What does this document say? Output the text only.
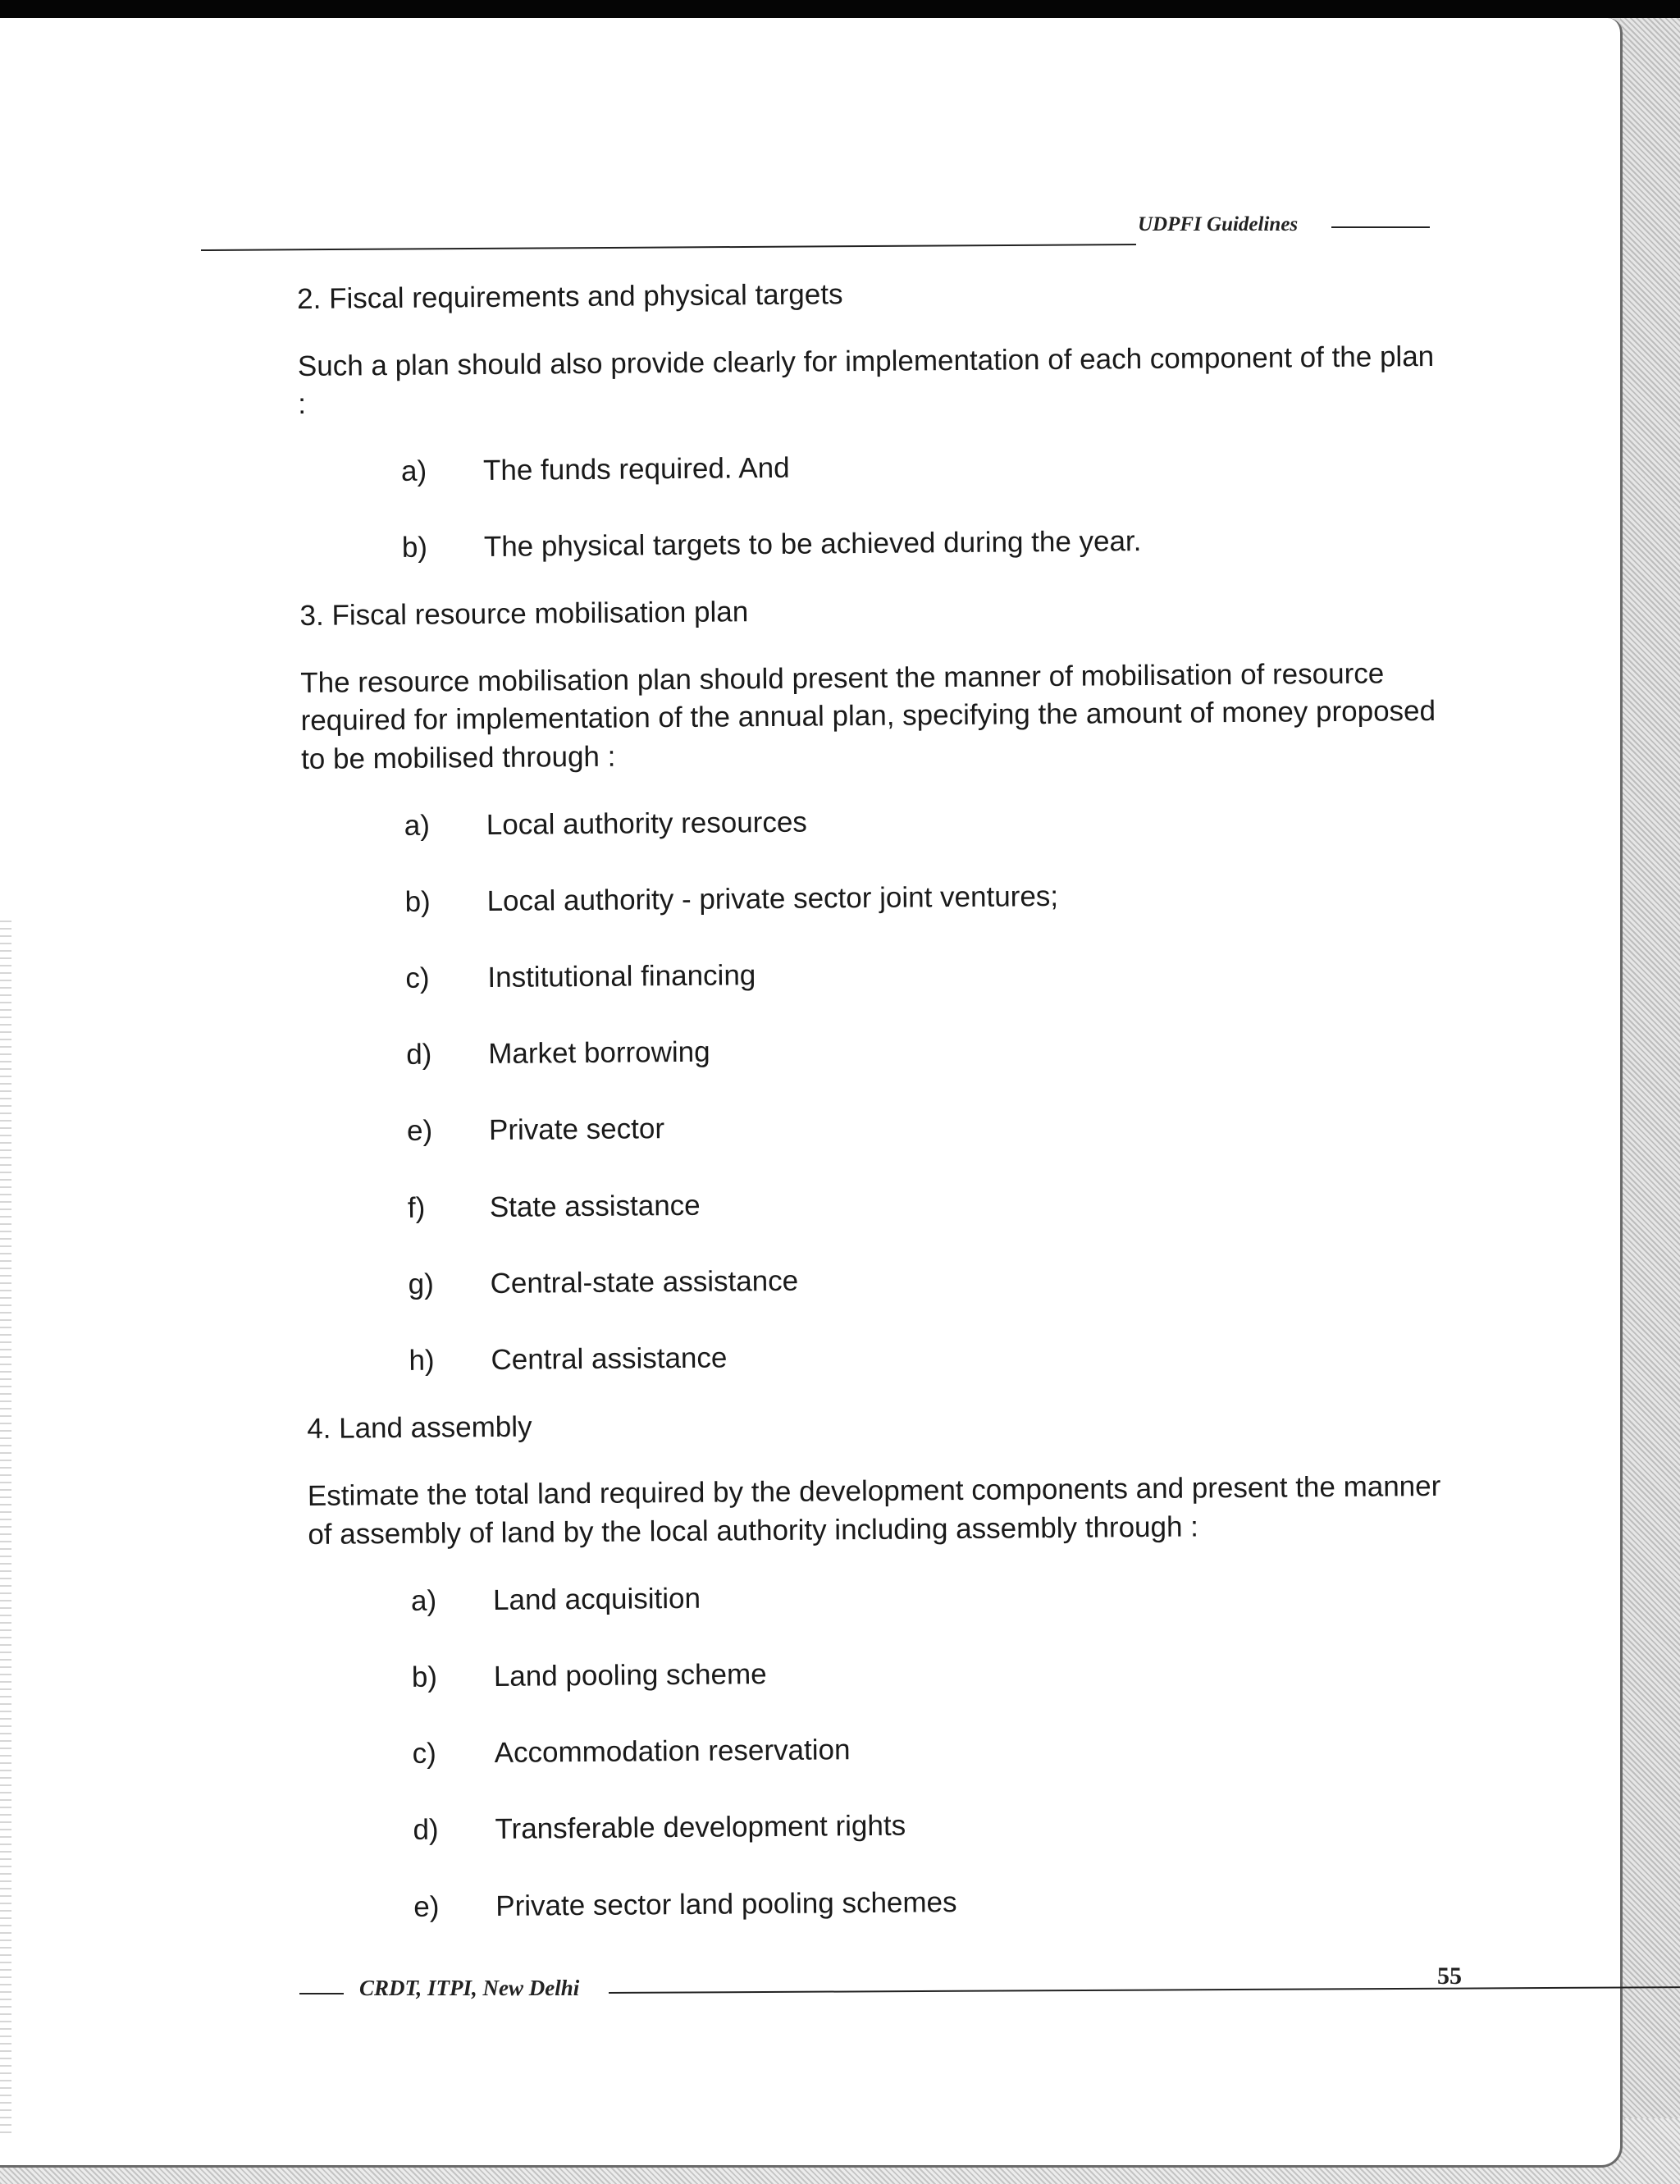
UDPFI Guidelines
2. Fiscal requirements and physical targets
Such a plan should also provide clearly for implementation of each component of the plan :
a)	The funds required. And
b)	The physical targets to be achieved during the year.
3. Fiscal resource mobilisation plan
The resource mobilisation plan should present the manner of mobilisation of resource required for implementation of the annual plan, specifying the amount of money proposed to be mobilised through :
a)	Local authority resources
b)	Local authority - private sector joint ventures;
c)	Institutional financing
d)	Market borrowing
e)	Private sector
f)	State assistance
g)	Central-state assistance
h)	Central assistance
4. Land assembly
Estimate the total land required by the development components and present the manner of assembly of land by the local authority including assembly through :
a)	Land acquisition
b)	Land pooling scheme
c)	Accommodation reservation
d)	Transferable development rights
e)	Private sector land pooling schemes
CRDT, ITPI, New Delhi	55
